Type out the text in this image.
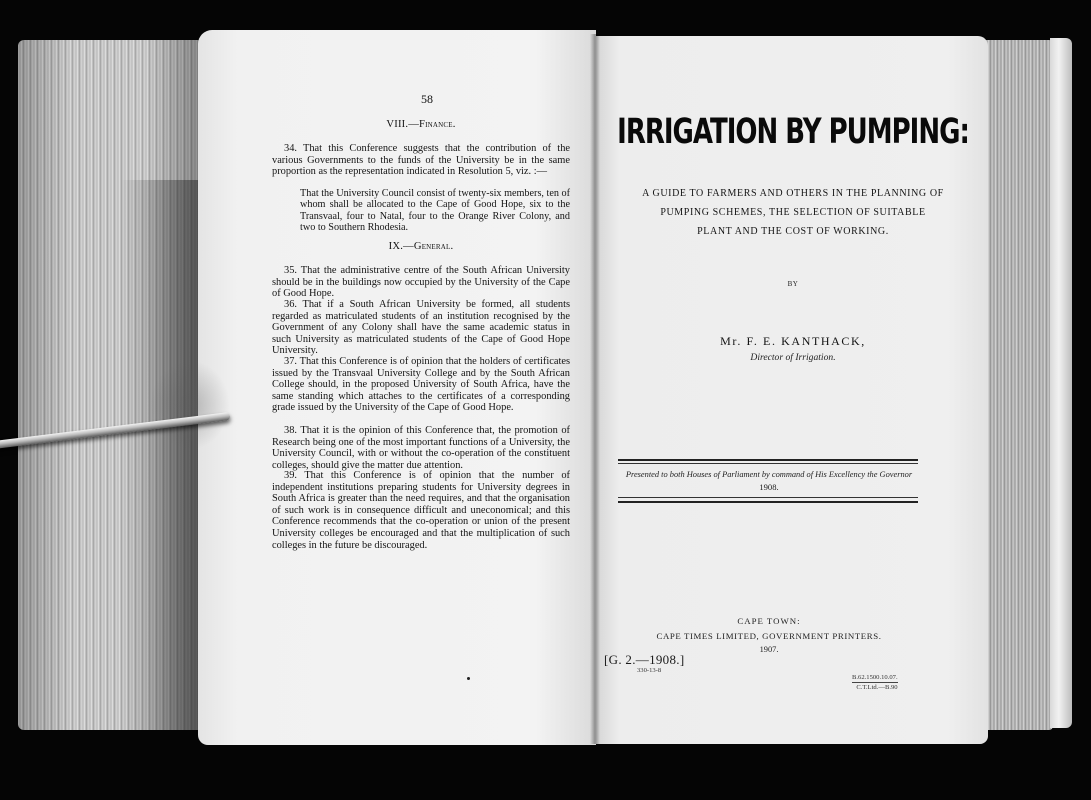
58
VIII.—Finance.

34. That this Conference suggests that the contribution of the various Governments to the funds of the University be in the same proportion as the representation indicated in Resolution 5, viz. :—

That the University Council consist of twenty-six members, ten of whom shall be allocated to the Cape of Good Hope, six to the Transvaal, four to Natal, four to the Orange River Colony, and two to Southern Rhodesia.

IX.—General.

35. That the administrative centre of the South African University should be in the buildings now occupied by the University of the Cape of Good Hope.

36. That if a South African University be formed, all students regarded as matriculated students of an institution recognised by the Government of any Colony shall have the same academic status in such University as matriculated students of the Cape of Good Hope University.

37. That this Conference is of opinion that the holders of certificates issued by the Transvaal University College and by the South African College should, in the proposed University of South Africa, have the same standing which attaches to the certificates of a corresponding grade issued by the University of the Cape of Good Hope.

38. That it is the opinion of this Conference that, the promotion of Research being one of the most important functions of a University, the University Council, with or without the co-operation of the constituent colleges, should give the matter due attention.

39. That this Conference is of opinion that the number of independent institutions preparing students for University degrees in South Africa is greater than the need requires, and that the organisation of such work is in consequence difficult and uneconomical; and this Conference recommends that the co-operation or union of the present University colleges be encouraged and that the multiplication of such colleges in the future be discouraged.

IRRIGATION BY PUMPING:
A GUIDE TO FARMERS AND OTHERS IN THE PLANNING OF
PUMPING SCHEMES, THE SELECTION OF SUITABLE
PLANT AND THE COST OF WORKING.
BY
Mr. F. E. KANTHACK,
Director of Irrigation.
Presented to both Houses of Parliament by command of His Excellency the Governor
1908.
CAPE TOWN:
CAPE TIMES LIMITED, GOVERNMENT PRINTERS.
1907.
[G. 2.—1908.]
330-13-8
B.62.1500.10.07.
C.T.Ltd.—B.90
